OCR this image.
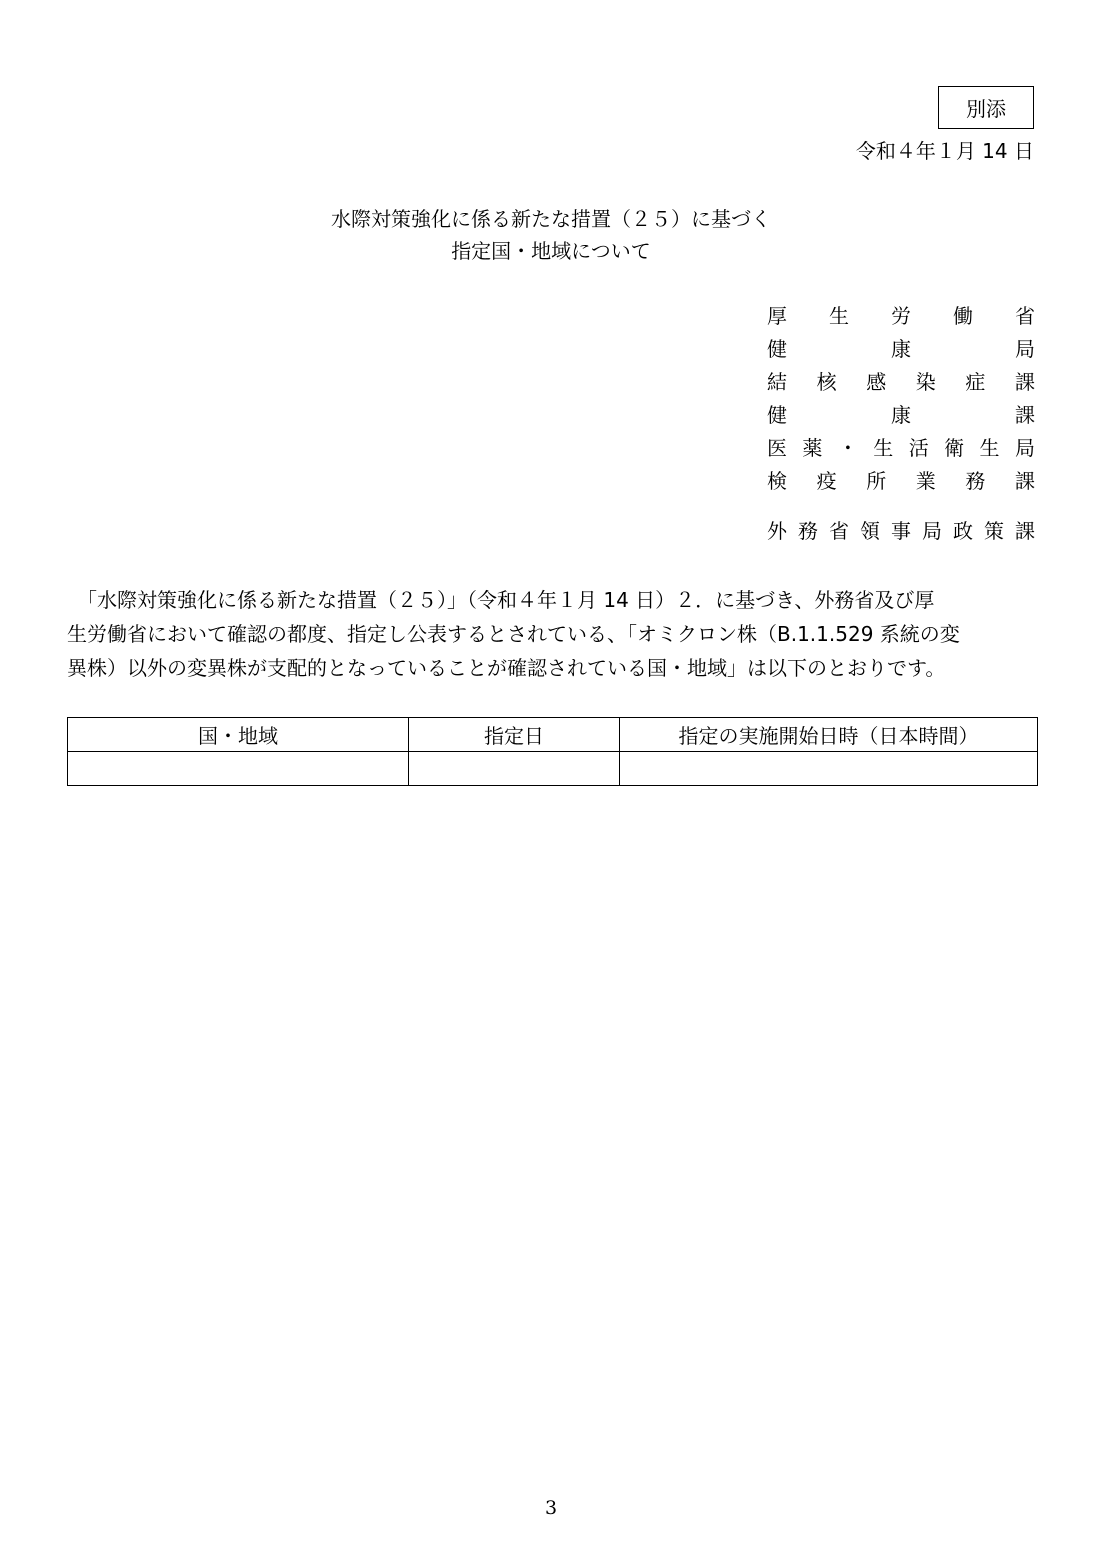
別添
令和４年１月 14 日
水際対策強化に係る新たな措置（２５）に基づく
指定国・地域について
厚 生 労 働 省
健	康	局
結 核 感 染 症 課
健	康	課
医 薬 ・ 生 活 衛 生 局
検 疫 所 業 務 課
外 務 省 領 事 局 政 策 課
　「水際対策強化に係る新たな措置（２５）」（令和４年１月 14 日）２．に基づき、外務省及び厚
生労働省において確認の都度、指定し公表するとされている、「オミクロン株（B.1.1.529 系統の変
異株）以外の変異株が支配的となっていることが確認されている国・地域」は以下のとおりです。
国・地域	指定日	指定の実施開始日時（日本時間）

3
